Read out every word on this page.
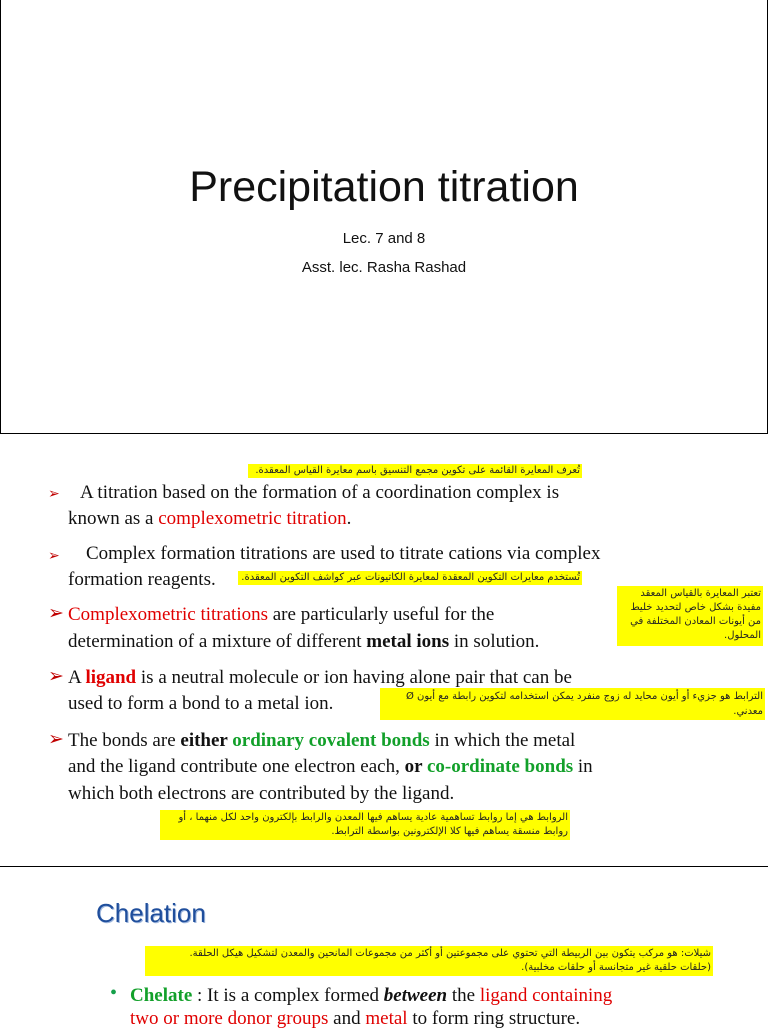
Precipitation titration
Lec. 7 and 8
Asst. lec. Rasha Rashad
تُعرف المعايرة القائمة على تكوين مجمع التنسيق باسم معايرة القياس المعقدة.
➢ A titration based on the formation of a coordination complex is
known as a complexometric titration.
➢ Complex formation titrations are used to titrate cations via complex
formation reagents.	تُستخدم معايرات التكوين المعقدة لمعايرة الكاتيونات عبر كواشف التكوين المعقدة.
➢ Complexometric titrations are particularly useful for the
determination of a mixture of different metal ions in solution.
تعتبر المعايرة بالقياس المعقد مفيدة بشكل خاص لتحديد خليط من أيونات المعادن المختلفة في المحلول.
➢ A ligand is a neutral molecule or ion having alone pair that can be
used to form a bond to a metal ion.	الترابط هو جزيء أو أيون محايد له زوج منفرد يمكن استخدامه لتكوين رابطة مع أيون Ø معدني.
➢ The bonds are either ordinary covalent bonds in which the metal
and the ligand contribute one electron each, or co-ordinate bonds in
which both electrons are contributed by the ligand.
الروابط هي إما روابط تساهمية عادية يساهم فيها المعدن والرابط بإلكترون واحد لكل منهما ، أو
روابط منسقة يساهم فيها كلا الإلكترونين بواسطة الترابط.
Chelation
شيلات: هو مركب يتكون بين الربيطة التي تحتوي على مجموعتين أو أكثر من مجموعات المانحين والمعدن لتشكيل هيكل الحلقة.
(حلقات حلقية غير متجانسة أو حلقات مخلبية).
• Chelate : It is a complex formed between the ligand containing
two or more donor groups and metal to form ring structure.
